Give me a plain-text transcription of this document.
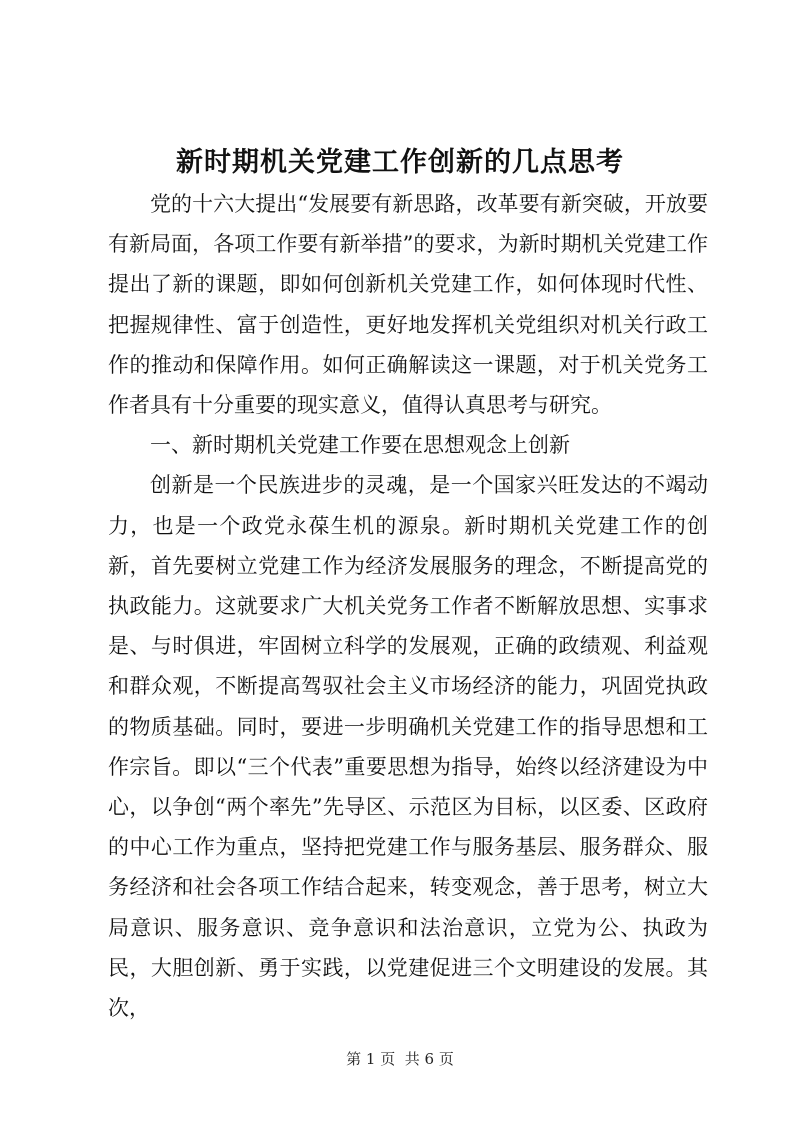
新时期机关党建工作创新的几点思考

党的十六大提出“发展要有新思路，改革要有新突破，开放要有新局面，各项工作要有新举措”的要求，为新时期机关党建工作提出了新的课题，即如何创新机关党建工作，如何体现时代性、把握规律性、富于创造性，更好地发挥机关党组织对机关行政工作的推动和保障作用。如何正确解读这一课题，对于机关党务工作者具有十分重要的现实意义，值得认真思考与研究。

一、新时期机关党建工作要在思想观念上创新

创新是一个民族进步的灵魂，是一个国家兴旺发达的不竭动力，也是一个政党永葆生机的源泉。新时期机关党建工作的创新，首先要树立党建工作为经济发展服务的理念，不断提高党的执政能力。这就要求广大机关党务工作者不断解放思想、实事求是、与时俱进，牢固树立科学的发展观，正确的政绩观、利益观和群众观，不断提高驾驭社会主义市场经济的能力，巩固党执政的物质基础。同时，要进一步明确机关党建工作的指导思想和工作宗旨。即以“三个代表”重要思想为指导，始终以经济建设为中心，以争创“两个率先”先导区、示范区为目标，以区委、区政府的中心工作为重点，坚持把党建工作与服务基层、服务群众、服务经济和社会各项工作结合起来，转变观念，善于思考，树立大局意识、服务意识、竞争意识和法治意识，立党为公、执政为民，大胆创新、勇于实践，以党建促进三个文明建设的发展。其次，

第 1 页  共 6 页
